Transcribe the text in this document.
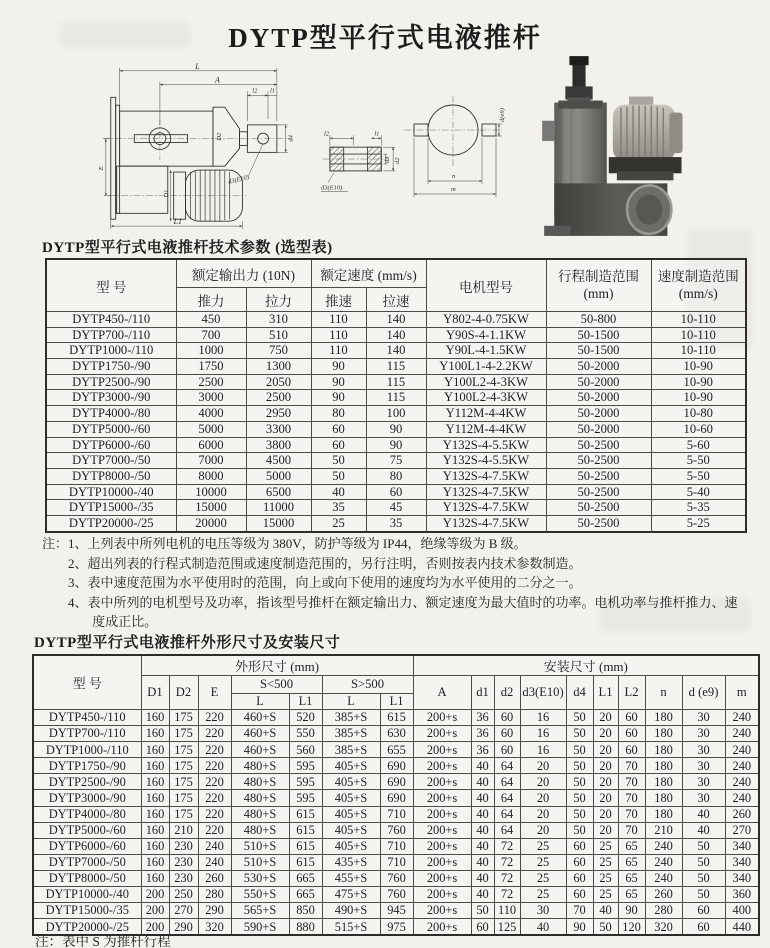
DYTP型平行式电液推杆
L
A
l2 l1
D2	d4
E
D1
L1
d3(E10)
l2	l1
d3 d2
d3(E10)
d(e9)
n
m
DYTP型平行式电液推杆技术参数 (选型表)
型 号	额定输出力 (10N)		额定速度 (mm/s)		电机型号	行程制造范围
(mm)	速度制造范围
(mm/s)

	推力	拉力	推速	拉速			
DYTP450-/110	450	310	110	140	Y802-4-0.75KW	50-800	10-110
DYTP700-/110	700	510	110	140	Y90S-4-1.1KW	50-1500	10-110
DYTP1000-/110	1000	750	110	140	Y90L-4-1.5KW	50-1500	10-110
DYTP1750-/90	1750	1300	90	115	Y100L1-4-2.2KW	50-2000	10-90
DYTP2500-/90	2500	2050	90	115	Y100L2-4-3KW	50-2000	10-90
DYTP3000-/90	3000	2500	90	115	Y100L2-4-3KW	50-2000	10-90
DYTP4000-/80	4000	2950	80	100	Y112M-4-4KW	50-2000	10-80
DYTP5000-/60	5000	3300	60	90	Y112M-4-4KW	50-2000	10-60
DYTP6000-/60	6000	3800	60	90	Y132S-4-5.5KW	50-2500	5-60
DYTP7000-/50	7000	4500	50	75	Y132S-4-5.5KW	50-2500	5-50
DYTP8000-/50	8000	5000	50	80	Y132S-4-7.5KW	50-2500	5-50
DYTP10000-/40	10000	6500	40	60	Y132S-4-7.5KW	50-2500	5-40
DYTP15000-/35	15000	11000	35	45	Y132S-4-7.5KW	50-2500	5-35
DYTP20000-/25	20000	15000	25	35	Y132S-4-7.5KW	50-2500	5-25
注： 1、上列表中所列电机的电压等级为 380V，防护等级为 IP44，绝缘等级为 B 级。
2、超出列表的行程式制造范围或速度制造范围的，另行注明，否则按表内技术参数制造。
3、表中速度范围为水平使用时的范围，向上或向下使用的速度均为水平使用的二分之一。
4、表中所列的电机型号及功率，指该型号推杆在额定输出力、额定速度为最大值时的功率。电机功率与推杆推力、速度成正比。
DYTP型平行式电液推杆外形尺寸及安装尺寸
型 号	外形尺寸 (mm)							安装尺寸 (mm)									
	D1	D2	E	S<500		S>500		A	d1	d2	d3(E10)	d4	L1	L2	n	d (e9)	m
				L	L1	L	L1										
DYTP450-/110	160	175	220	460+S	520	385+S	615	200+s	36	60	16	50	20	60	180	30	240
DYTP700-/110	160	175	220	460+S	550	385+S	630	200+s	36	60	16	50	20	60	180	30	240
DYTP1000-/110	160	175	220	460+S	560	385+S	655	200+s	36	60	16	50	20	60	180	30	240
DYTP1750-/90	160	175	220	480+S	595	405+S	690	200+s	40	64	20	50	20	70	180	30	240
DYTP2500-/90	160	175	220	480+S	595	405+S	690	200+s	40	64	20	50	20	70	180	30	240
DYTP3000-/90	160	175	220	480+S	595	405+S	690	200+s	40	64	20	50	20	70	180	30	240
DYTP4000-/80	160	175	220	480+S	615	405+S	710	200+s	40	64	20	50	20	70	180	40	260
DYTP5000-/60	160	210	220	480+S	615	405+S	760	200+s	40	64	20	50	20	70	210	40	270
DYTP6000-/60	160	230	240	510+S	615	405+S	710	200+s	40	72	25	60	25	65	240	50	340
DYTP7000-/50	160	230	240	510+S	615	435+S	710	200+s	40	72	25	60	25	65	240	50	340
DYTP8000-/50	160	230	260	530+S	665	455+S	760	200+s	40	72	25	60	25	65	240	50	340
DYTP10000-/40	200	250	280	550+S	665	475+S	760	200+s	40	72	25	60	25	65	260	50	360
DYTP15000-/35	200	270	290	565+S	850	490+S	945	200+s	50	110	30	70	40	90	280	60	400
DYTP20000-/25	200	290	320	590+S	880	515+S	975	200+s	60	125	40	90	50	120	320	60	440
注：表中 S 为推杆行程
